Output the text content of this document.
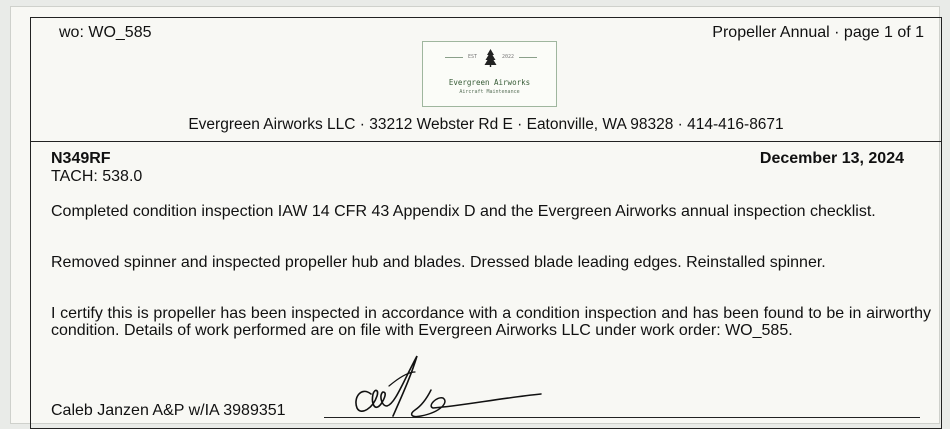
wo: WO_585	Propeller Annual · page 1 of 1
EST	2022
Evergreen Airworks
Aircraft Maintenance
Evergreen Airworks LLC · 33212 Webster Rd E · Eatonville, WA 98328 · 414-416-8671
N349RF	December 13, 2024
TACH: 538.0
Completed condition inspection IAW 14 CFR 43 Appendix D and the Evergreen Airworks annual inspection checklist.
Removed spinner and inspected propeller hub and blades. Dressed blade leading edges. Reinstalled spinner.
I certify this is propeller has been inspected in accordance with a condition inspection and has been found to be in airworthy condition. Details of work performed are on file with Evergreen Airworks LLC under work order: WO_585.
Caleb Janzen A&P w/IA 3989351
